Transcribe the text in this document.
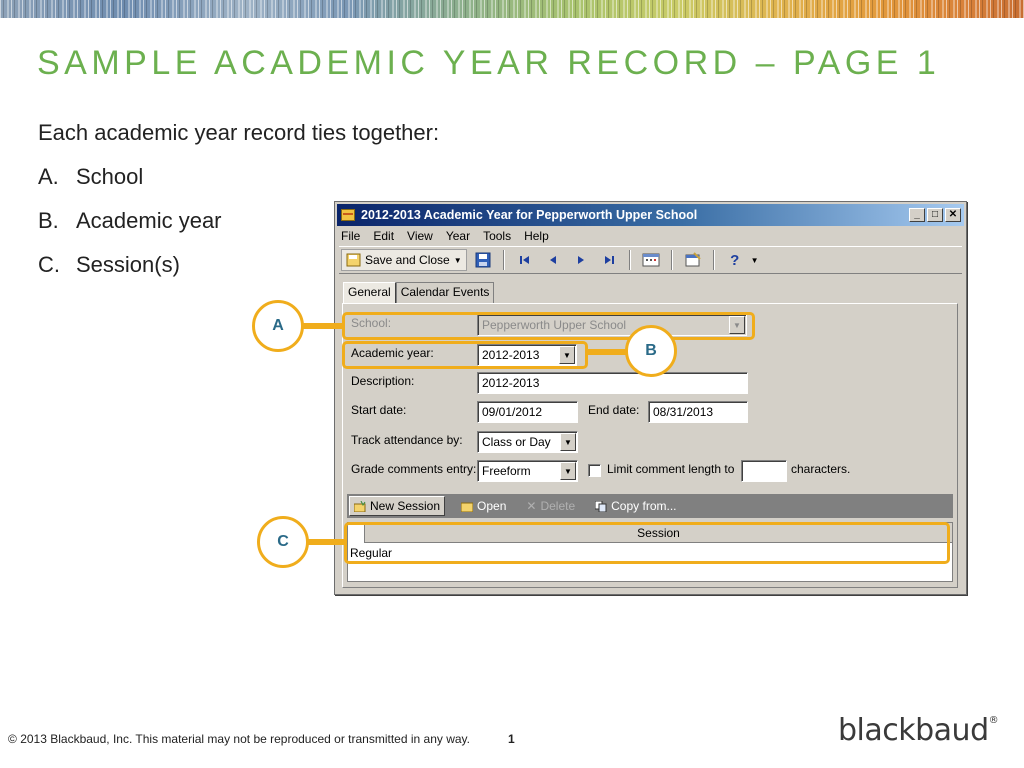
SAMPLE ACADEMIC YEAR RECORD – PAGE 1
Each academic year record ties together:
A. School
B. Academic year
C. Session(s)
2012-2013 Academic Year for Pepperworth Upper School	_	□	✕
File Edit View Year Tools Help
Save and Close ▼	?	▼
General Calendar Events
School:	Pepperworth Upper School	▼
Academic year:	2012-2013	▼
Description:	2012-2013
Start date:	09/01/2012	End date:	08/31/2013
Track attendance by:	Class or Day	▼
Grade comments entry: Freeform	▼	Limit comment length to	characters.
New Session	Open ✕ Delete	Copy from...
Session
Regular
A
B
C
© 2013 Blackbaud, Inc. This material may not be reproduced or transmitted in any way.	1	blackbaud®
